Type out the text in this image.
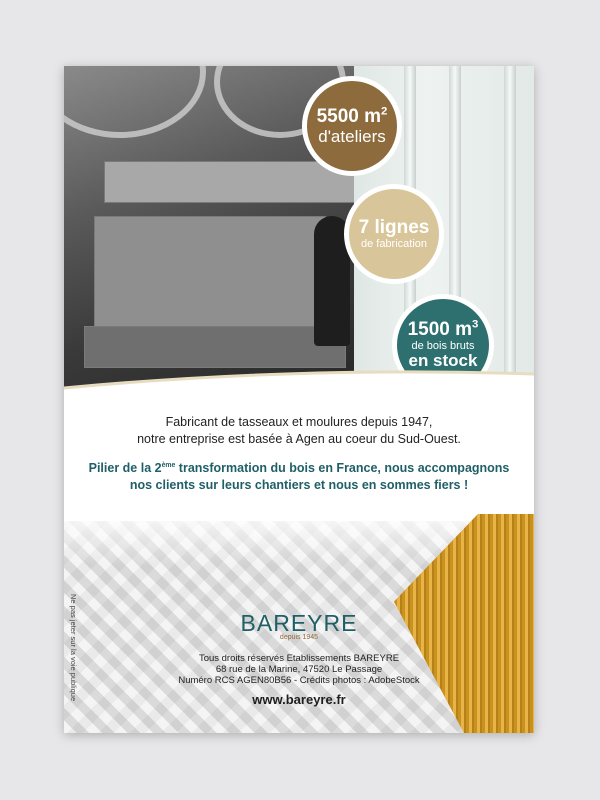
5500 $m^2$
d'ateliers
7 lignes
de fabrication
1500 $m^3$
de bois bruts
en stock
Fabricant de tasseaux et moulures depuis 1947,
notre entreprise est basée à Agen au coeur du Sud-Ouest.
Pilier de la 2ème transformation du bois en France, nous accompagnons
nos clients sur leurs chantiers et nous en sommes fiers !
Ne pas jeter sur la voie publique	BAREYRE
depuis 1945
Tous droits réservés Etablissements BAREYRE
68 rue de la Marine, 47520 Le Passage
Numéro RCS AGEN80B56 - Crédits photos : AdobeStock
www.bareyre.fr
